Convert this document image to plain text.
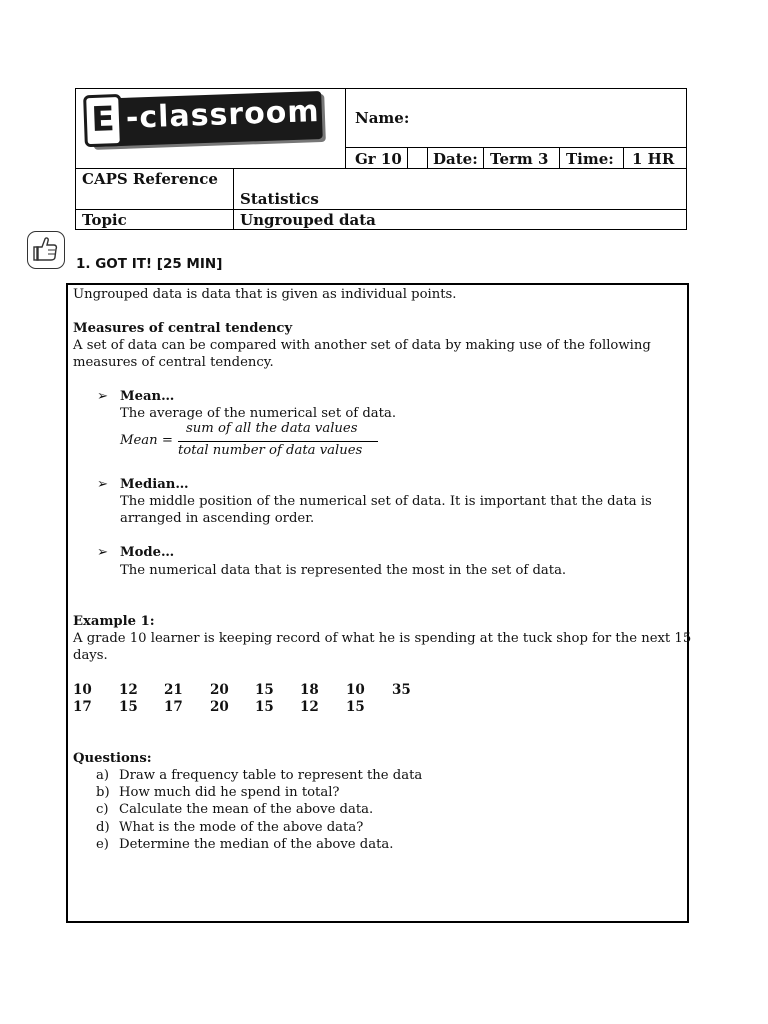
E -classroom Name:
Gr 10 Date: Term 3 Time: 1 HR
CAPS Reference
Statistics
Topic	Ungrouped data
1. GOT IT! [25 MIN]
Ungrouped data is data that is given as individual points.
Measures of central tendency
A set of data can be compared with another set of data by making use of the following
measures of central tendency.
➢ Mean…
The average of the numerical set of data.
Mean =
sum of all the data values
total number of data values
➢ Median…
The middle position of the numerical set of data. It is important that the data is
arranged in ascending order.
➢ Mode…
The numerical data that is represented the most in the set of data.
Example 1:
A grade 10 learner is keeping record of what he is spending at the tuck shop for the next 15
days.
10 12 21 20 15 18 10 35
17 15 17 20 15 12 15
Questions:
a) Draw a frequency table to represent the data
b) How much did he spend in total?
c) Calculate the mean of the above data.
d) What is the mode of the above data?
e) Determine the median of the above data.
